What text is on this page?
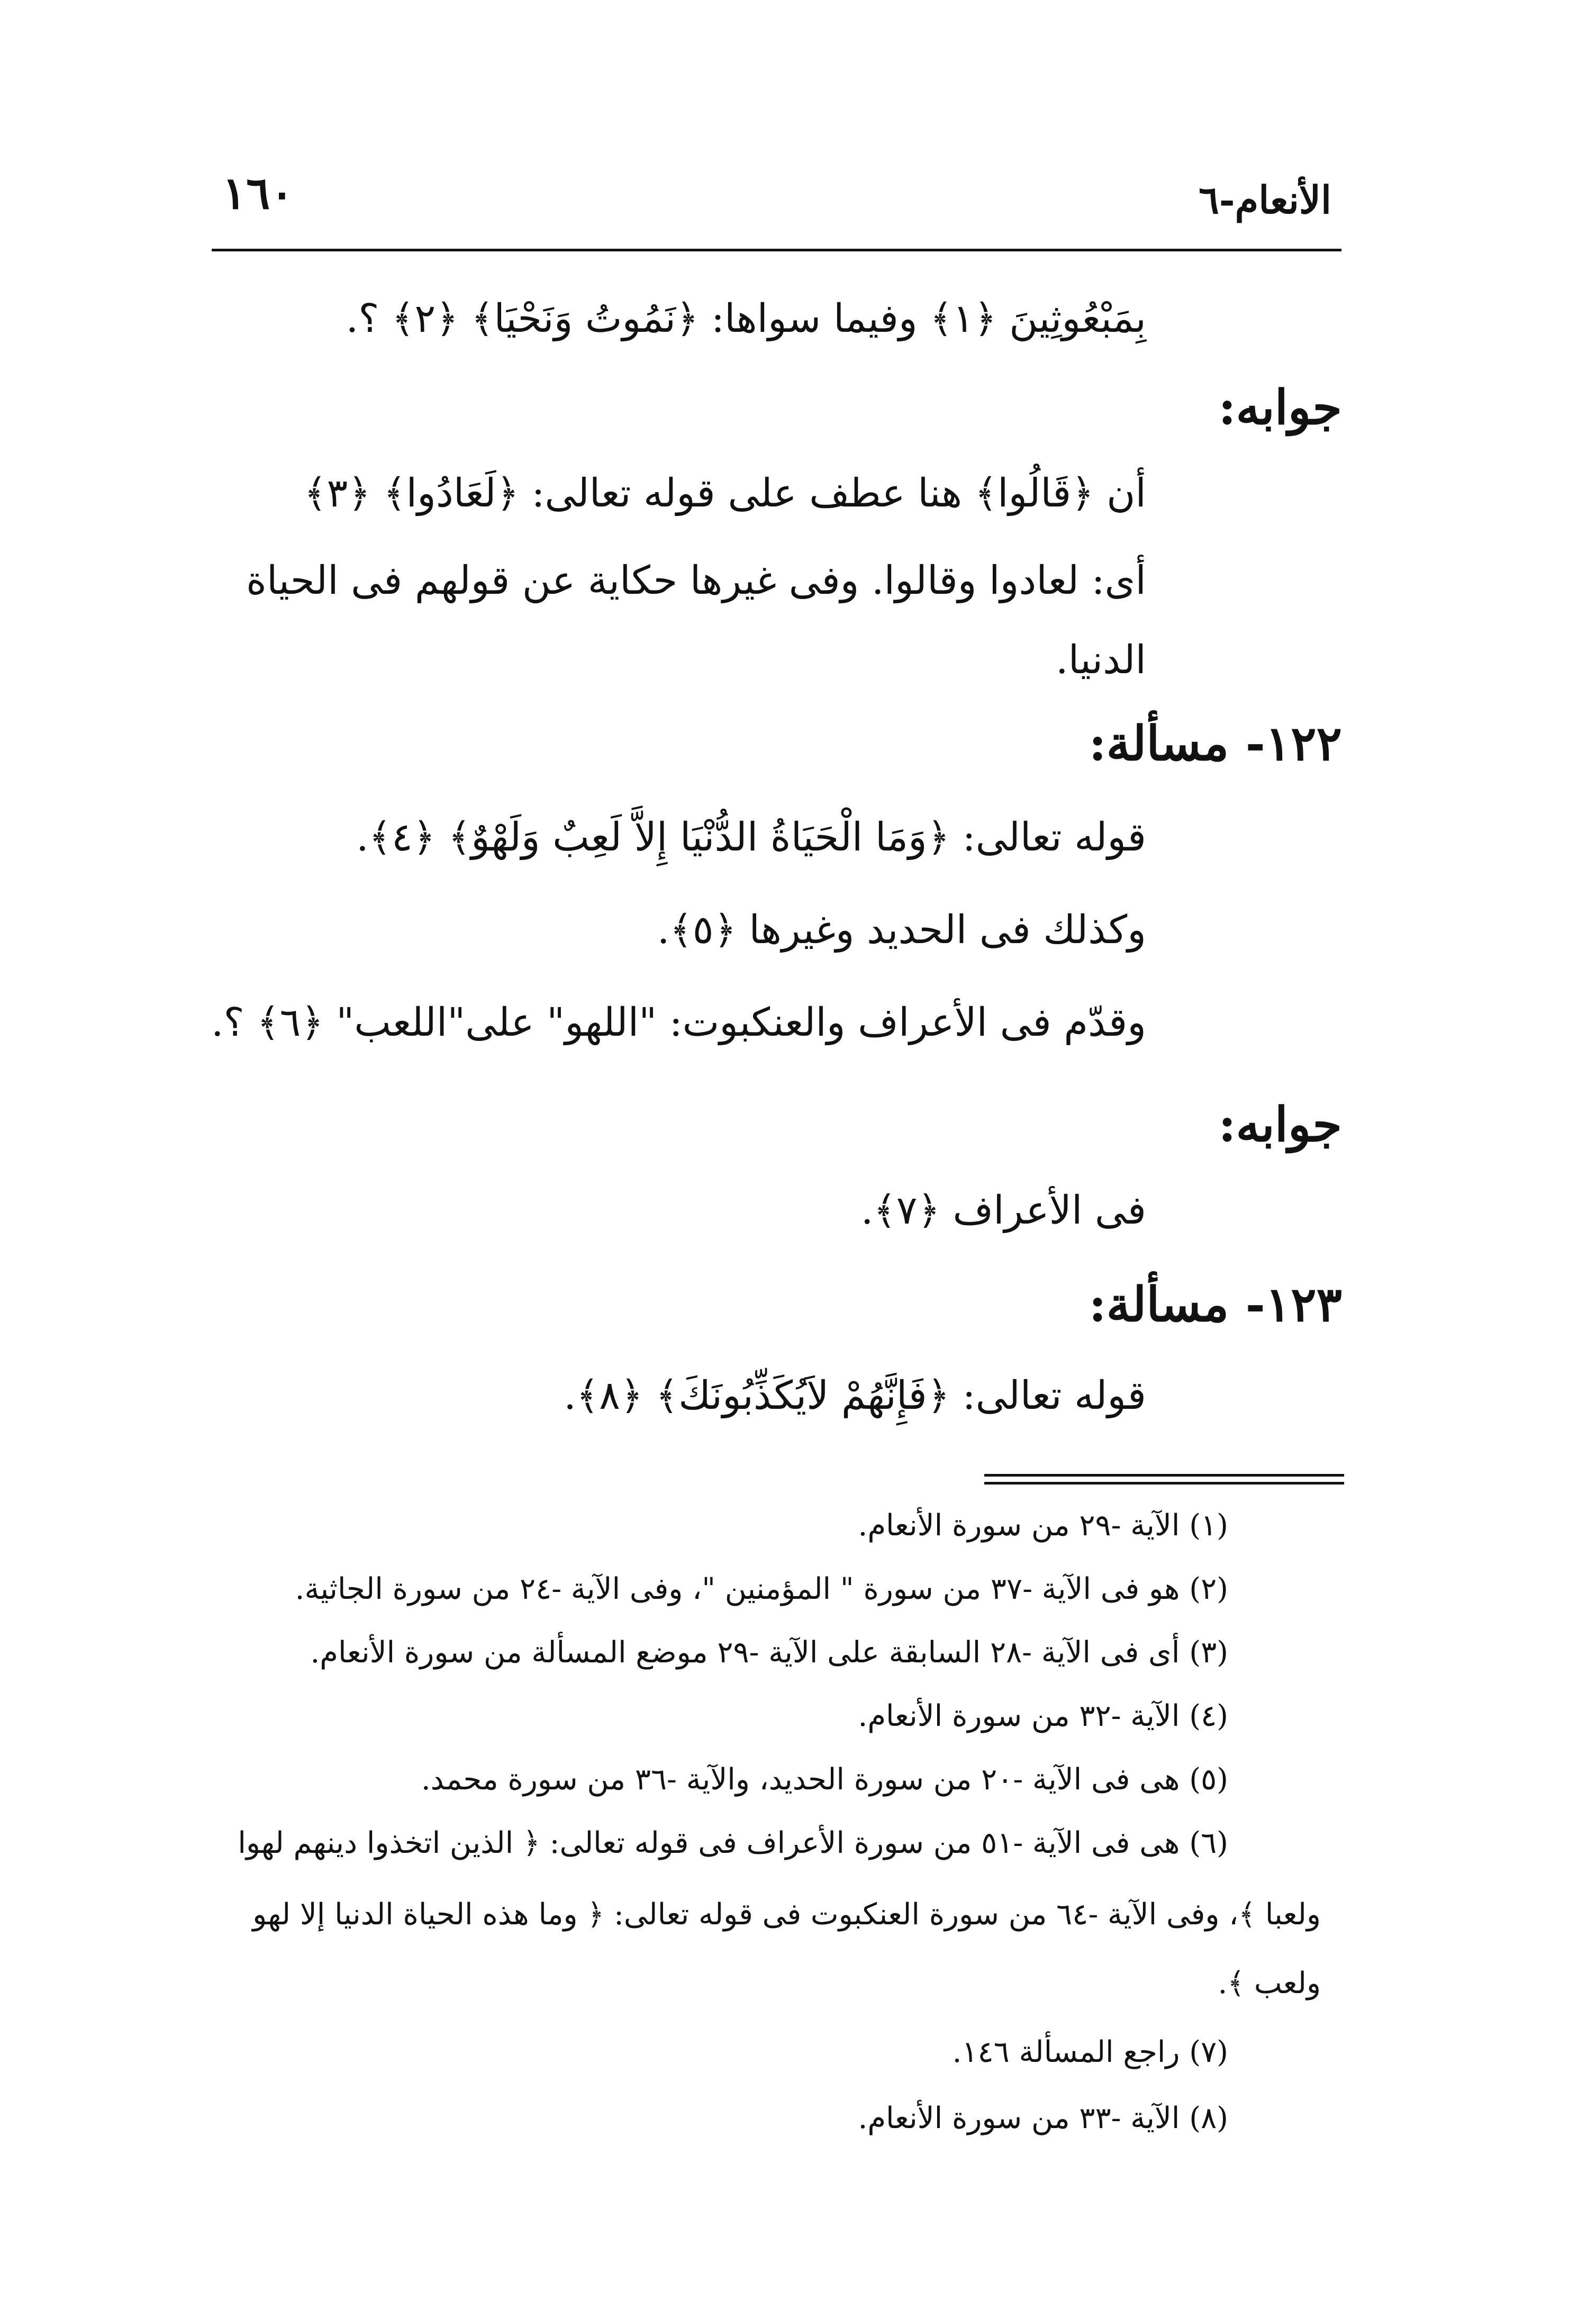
الأنعام-٦
١٦٠
بِمَبْعُوثِينَ ﴿١﴾ وفيما سواها: ﴿نَمُوتُ وَنَحْيَا﴾ ﴿٢﴾ ؟.
جوابه:
أن ﴿قَالُوا﴾ هنا عطف على قوله تعالى: ﴿لَعَادُوا﴾ ﴿٣﴾
أى: لعادوا وقالوا. وفى غيرها حكاية عن قولهم فى الحياة
الدنيا.
١٢٢- مسألة:
قوله تعالى: ﴿وَمَا الْحَيَاةُ الدُّنْيَا إِلاَّ لَعِبٌ وَلَهْوٌ﴾ ﴿٤﴾.
وكذلك فى الحديد وغيرها ﴿٥﴾.
وقدّم فى الأعراف والعنكبوت: "اللهو" على"اللعب" ﴿٦﴾ ؟.
جوابه:
فى الأعراف ﴿٧﴾.
١٢٣- مسألة:
قوله تعالى: ﴿فَإِنَّهُمْ لاَيُكَذِّبُونَكَ﴾ ﴿٨﴾.
(١) الآية -٢٩ من سورة الأنعام.
(٢) هو فى الآية -٣٧ من سورة " المؤمنين "، وفى الآية -٢٤ من سورة الجاثية.
(٣) أى فى الآية -٢٨ السابقة على الآية -٢٩ موضع المسألة من سورة الأنعام.
(٤) الآية -٣٢ من سورة الأنعام.
(٥) هى فى الآية -٢٠ من سورة الحديد، والآية -٣٦ من سورة محمد.
(٦) هى فى الآية -٥١ من سورة الأعراف فى قوله تعالى: ﴿ الذين اتخذوا دينهم لهوا
ولعبا ﴾، وفى الآية -٦٤ من سورة العنكبوت فى قوله تعالى: ﴿ وما هذه الحياة الدنيا إلا لهو
ولعب ﴾.
(٧) راجع المسألة ١٤٦.
(٨) الآية -٣٣ من سورة الأنعام.
